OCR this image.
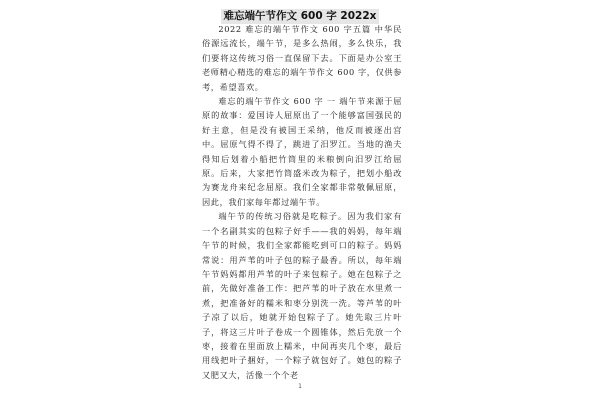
难忘端午节作文 600 字 2022x

2022 难忘的端午节作文 600 字五篇 中华民俗源远流长，端午节，是多么热闹，多么快乐，我们要将这传统习俗一直保留下去。下面是办公室王老师精心精选的难忘的端午节作文 600 字，仅供参考，希望喜欢。

难忘的端午节作文 600 字 一 端午节来源于屈原的故事：爱国诗人屈原出了一个能够富国强民的好主意，但是没有被国王采纳，他反而被逐出宫中。屈原气得不得了，跳进了汨罗江。当地的渔夫得知后划着小船把竹筒里的米粮倒向汨罗江给屈原。后来，大家把竹筒盛米改为粽子，把划小船改为赛龙舟来纪念屈原。我们全家都非常敬佩屈原，因此，我们家每年都过端午节。

端午节的传统习俗就是吃粽子。因为我们家有一个名副其实的包粽子好手——我的妈妈，每年端午节的时候，我们全家都能吃到可口的粽子。妈妈常说：用芦苇的叶子包的粽子最香。所以，每年端午节妈妈都用芦苇的叶子来包粽子。她在包粽子之前，先做好准备工作：把芦苇的叶子放在水里煮一煮，把准备好的糯米和枣分别洗一洗。等芦苇的叶子凉了以后，她就开始包粽子了。她先取三片叶子，将这三片叶子卷成一个圆锥体，然后先放一个枣，接着在里面放上糯米，中间再夹几个枣，最后用线把叶子捆好，一个粽子就包好了。她包的粽子又肥又大，活像一个个老

1
